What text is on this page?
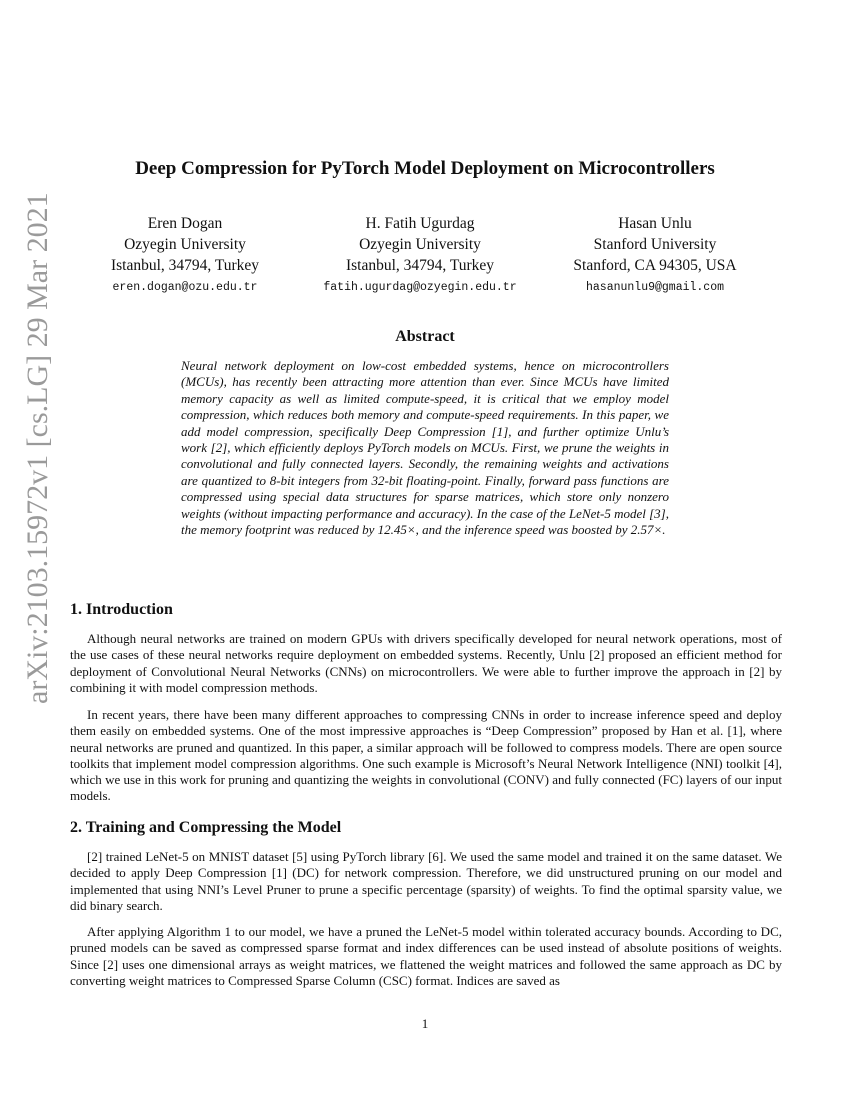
arXiv:2103.15972v1 [cs.LG] 29 Mar 2021
Deep Compression for PyTorch Model Deployment on Microcontrollers
Eren Dogan
Ozyegin University
Istanbul, 34794, Turkey
eren.dogan@ozu.edu.tr
H. Fatih Ugurdag
Ozyegin University
Istanbul, 34794, Turkey
fatih.ugurdag@ozyegin.edu.tr
Hasan Unlu
Stanford University
Stanford, CA 94305, USA
hasanunlu9@gmail.com
Abstract

Neural network deployment on low-cost embedded systems, hence on microcontrollers (MCUs), has recently been attracting more attention than ever. Since MCUs have limited memory capacity as well as limited compute-speed, it is critical that we employ model compression, which reduces both memory and compute-speed requirements. In this paper, we add model compression, specifically Deep Compression [1], and further optimize Unlu’s work [2], which efficiently deploys PyTorch models on MCUs. First, we prune the weights in convolutional and fully connected layers. Secondly, the remaining weights and activations are quantized to 8-bit integers from 32-bit floating-point. Finally, forward pass functions are compressed using special data structures for sparse matrices, which store only nonzero weights (without impacting performance and accuracy). In the case of the LeNet-5 model [3], the memory footprint was reduced by 12.45×, and the inference speed was boosted by 2.57×.

1. Introduction

Although neural networks are trained on modern GPUs with drivers specifically developed for neural network operations, most of the use cases of these neural networks require deployment on embedded systems. Recently, Unlu [2] proposed an efficient method for deployment of Convolutional Neural Networks (CNNs) on microcontrollers. We were able to further improve the approach in [2] by combining it with model compression methods.

In recent years, there have been many different approaches to compressing CNNs in order to increase inference speed and deploy them easily on embedded systems. One of the most impressive approaches is “Deep Compression” proposed by Han et al. [1], where neural networks are pruned and quantized. In this paper, a similar approach will be followed to compress models. There are open source toolkits that implement model compression algorithms. One such example is Microsoft’s Neural Network Intelligence (NNI) toolkit [4], which we use in this work for pruning and quantizing the weights in convolutional (CONV) and fully connected (FC) layers of our input models.

2. Training and Compressing the Model

[2] trained LeNet-5 on MNIST dataset [5] using PyTorch library [6]. We used the same model and trained it on the same dataset. We decided to apply Deep Compression [1] (DC) for network compression. Therefore, we did unstructured pruning on our model and implemented that using NNI’s Level Pruner to prune a specific percentage (sparsity) of weights. To find the optimal sparsity value, we did binary search.

After applying Algorithm 1 to our model, we have a pruned the LeNet-5 model within tolerated accuracy bounds. According to DC, pruned models can be saved as compressed sparse format and index differences can be used instead of absolute positions of weights. Since [2] uses one dimensional arrays as weight matrices, we flattened the weight matrices and followed the same approach as DC by converting weight matrices to Compressed Sparse Column (CSC) format. Indices are saved as

1
